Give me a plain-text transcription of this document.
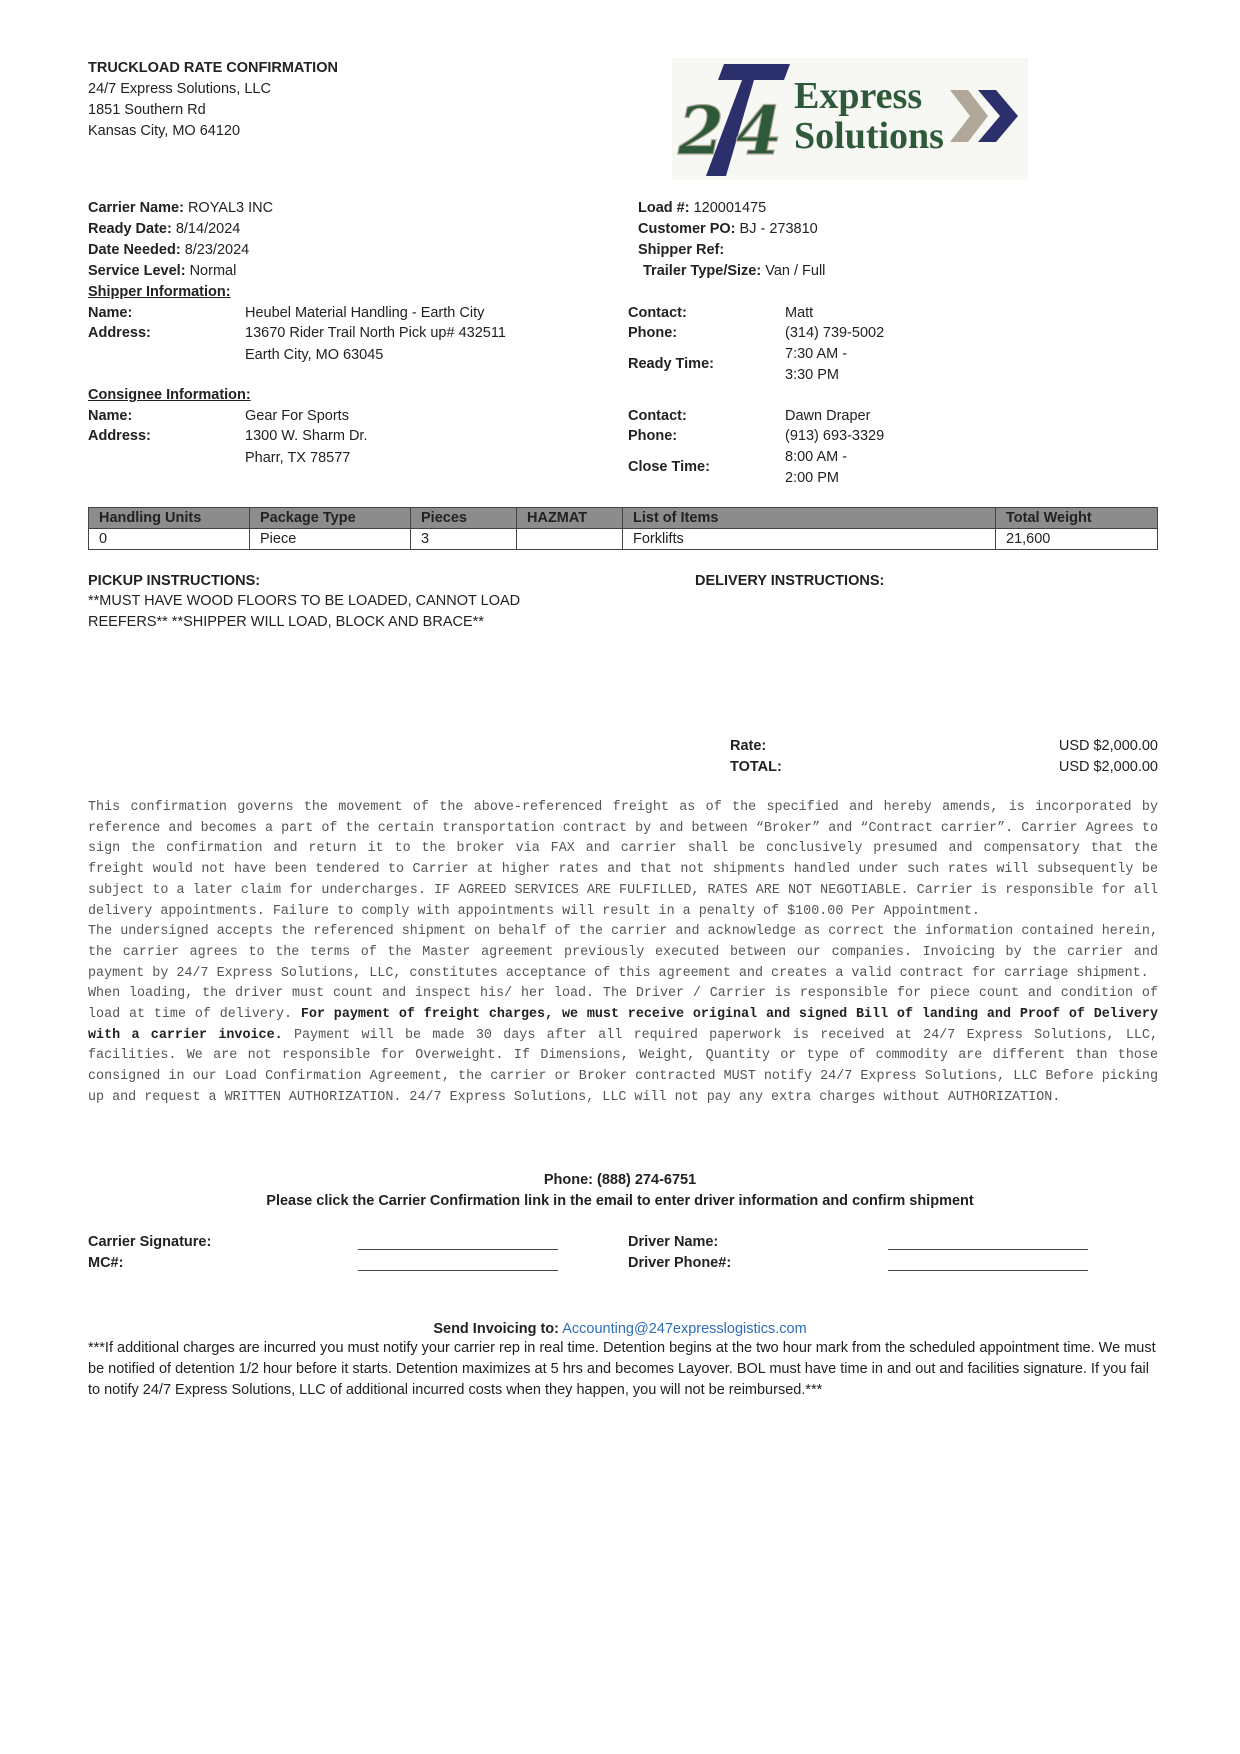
TRUCKLOAD RATE CONFIRMATION
24/7 Express Solutions, LLC
1851 Southern Rd
Kansas City, MO 64120	2 4 Express
Solutions
Carrier Name: ROYAL3 INC
Ready Date: 8/14/2024
Date Needed: 8/23/2024
Service Level: Normal
Load #: 120001475
Customer PO: BJ - 273810
Shipper Ref:
Trailer Type/Size: Van / Full
Shipper Information:
Name:	Heubel Material Handling - Earth City
Address:	13670 Rider Trail North Pick up# 432511
Earth City, MO 63045
Contact:	Matt
Phone:	(314) 739-5002
Ready Time:
7:30 AM -
3:30 PM
Consignee Information:
Name:	Gear For Sports
Address:	1300 W. Sharm Dr.
Pharr, TX 78577
Contact:	Dawn Draper
Phone:	(913) 693-3329
Close Time:
8:00 AM -
2:00 PM
Handling Units	Package Type	Pieces	HAZMAT	List of Items	Total Weight
0	Piece	3		Forklifts	21,600
PICKUP INSTRUCTIONS:
**MUST HAVE WOOD FLOORS TO BE LOADED, CANNOT LOAD
REEFERS** **SHIPPER WILL LOAD, BLOCK AND BRACE**
DELIVERY INSTRUCTIONS:
Rate:	USD $2,000.00
TOTAL:	USD $2,000.00

This confirmation governs the movement of the above-referenced freight as of the specified and hereby amends, is incorporated by reference and becomes a part of the certain transportation contract by and between “Broker” and “Contract carrier”. Carrier Agrees to sign the confirmation and return it to the broker via FAX and carrier shall be conclusively presumed and compensatory that the freight would not have been tendered to Carrier at higher rates and that not shipments handled under such rates will subsequently be subject to a later claim for undercharges. IF AGREED SERVICES ARE FULFILLED, RATES ARE NOT NEGOTIABLE. Carrier is responsible for all delivery appointments. Failure to comply with appointments will result in a penalty of $100.00 Per Appointment.

The undersigned accepts the referenced shipment on behalf of the carrier and acknowledge as correct the information contained herein, the carrier agrees to the terms of the Master agreement previously executed between our companies. Invoicing by the carrier and payment by 24/7 Express Solutions, LLC, constitutes acceptance of this agreement and creates a valid contract for carriage shipment.

When loading, the driver must count and inspect his/ her load. The Driver / Carrier is responsible for piece count and condition of load at time of delivery. For payment of freight charges, we must receive original and signed Bill of landing and Proof of Delivery with a carrier invoice. Payment will be made 30 days after all required paperwork is received at 24/7 Express Solutions, LLC, facilities. We are not responsible for Overweight. If Dimensions, Weight, Quantity or type of commodity are different than those consigned in our Load Confirmation Agreement, the carrier or Broker contracted MUST notify 24/7 Express Solutions, LLC Before picking up and request a WRITTEN AUTHORIZATION. 24/7 Express Solutions, LLC will not pay any extra charges without AUTHORIZATION.

Phone: (888) 274-6751
Please click the Carrier Confirmation link in the email to enter driver information and confirm shipment
Carrier Signature:
MC#:
Driver Name:
Driver Phone#:
Send Invoicing to: Accounting@247expresslogistics.com
***If additional charges are incurred you must notify your carrier rep in real time. Detention begins at the two hour mark from the scheduled appointment time. We must be notified of detention 1/2 hour before it starts. Detention maximizes at 5 hrs and becomes Layover. BOL must have time in and out and facilities signature. If you fail to notify 24/7 Express Solutions, LLC of additional incurred costs when they happen, you will not be reimbursed.***
